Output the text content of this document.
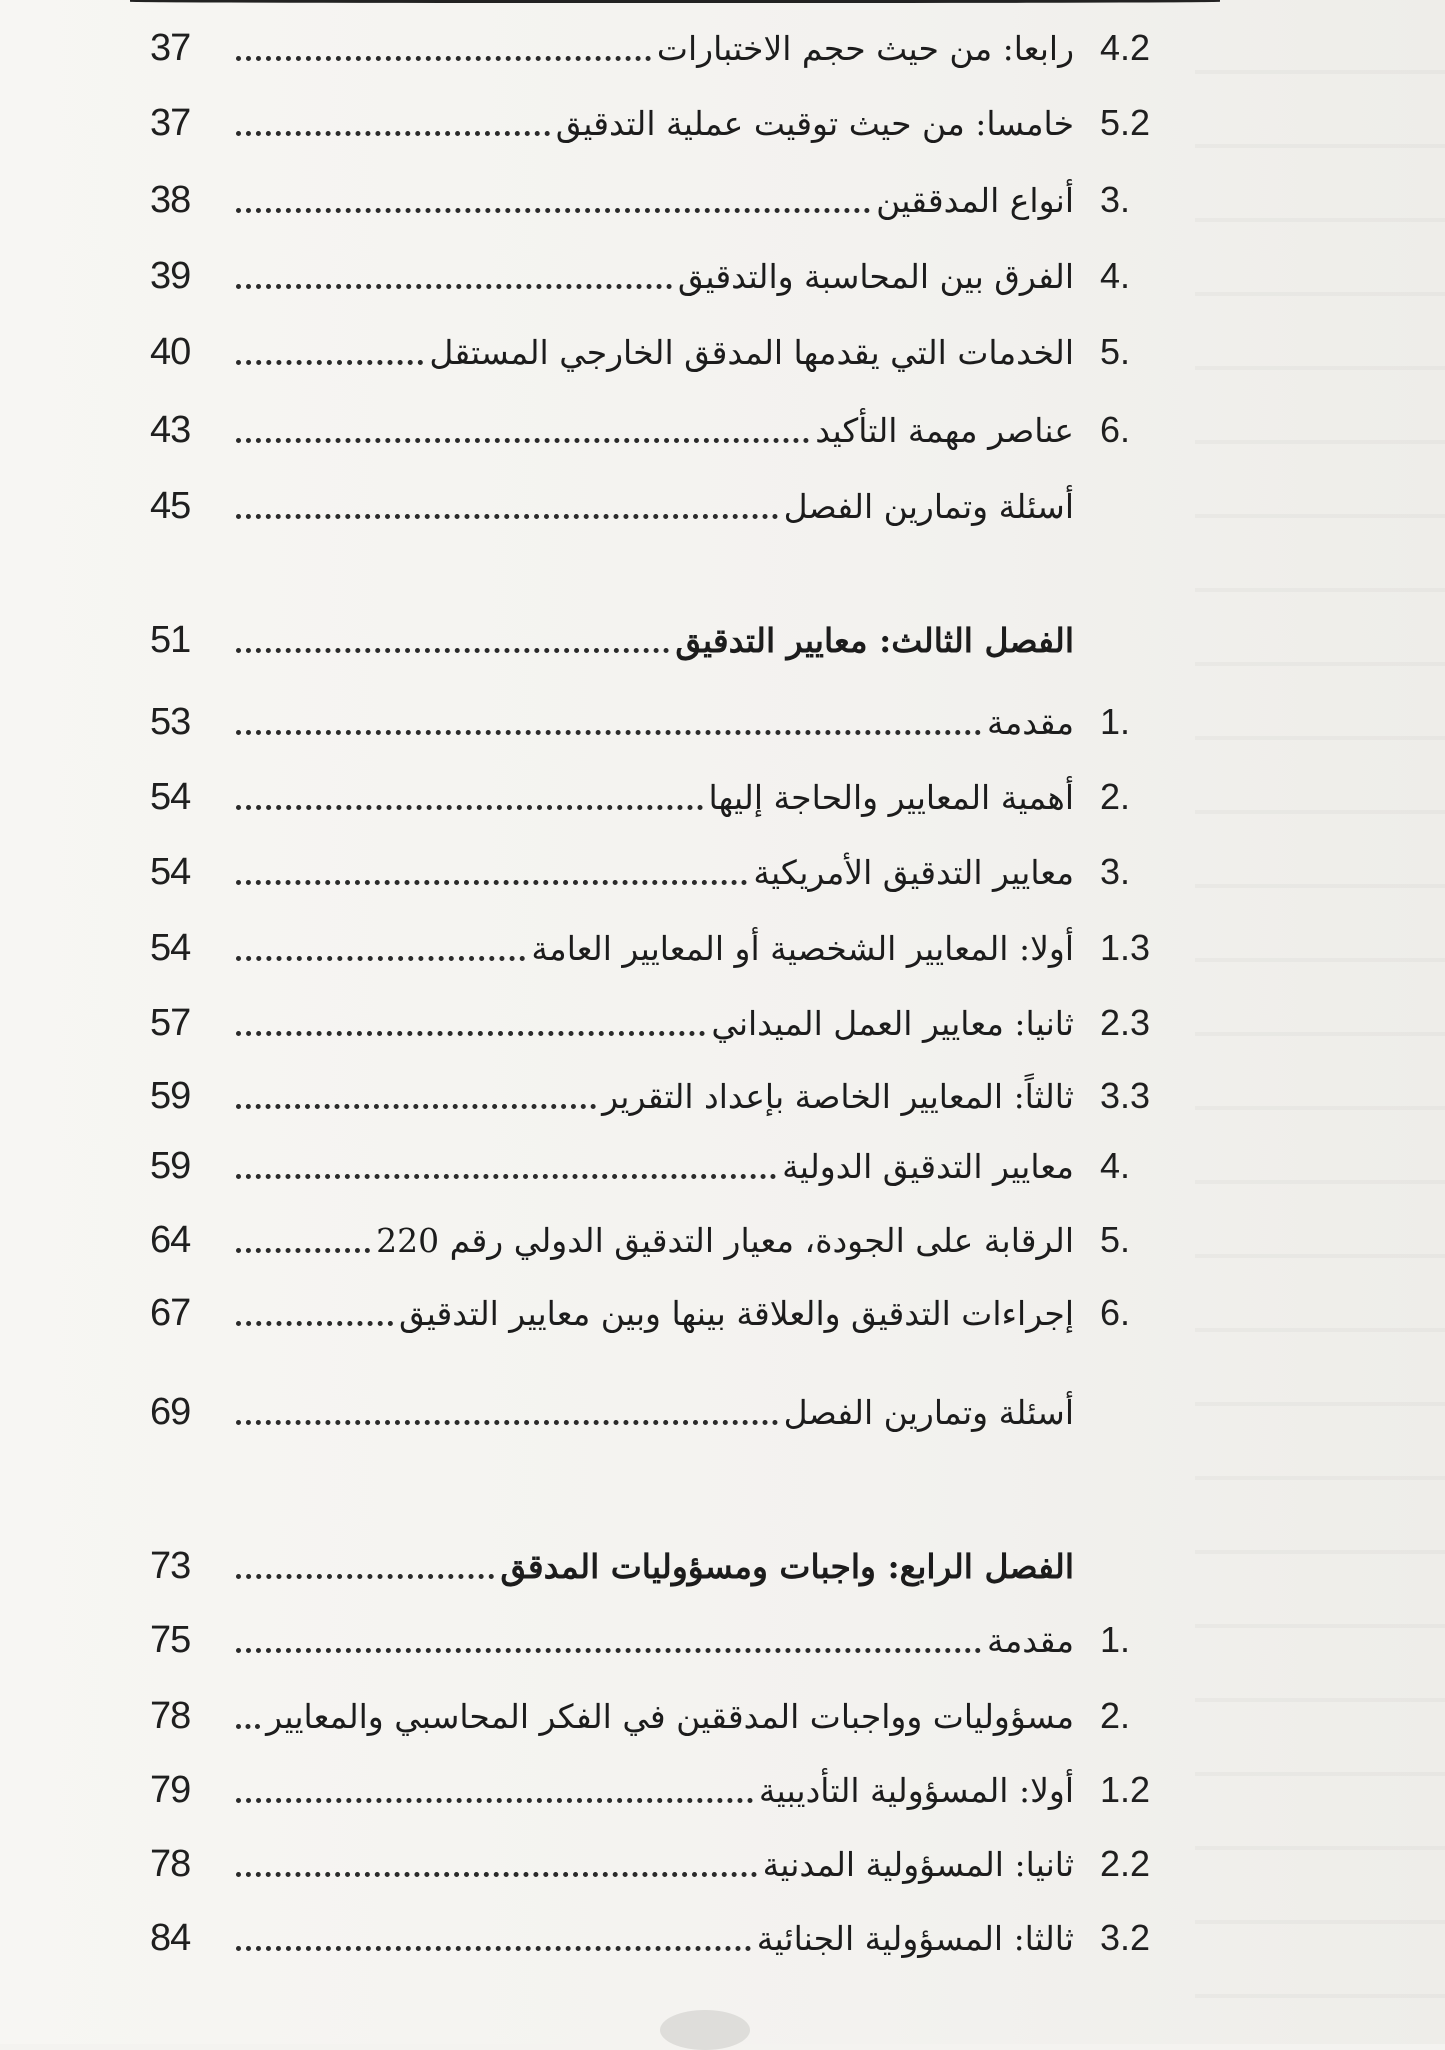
37	رابعا: من حيث حجم الاختبارات 4.2
37	خامسا: من حيث توقيت عملية التدقيق 5.2
38	أنواع المدققين 3.
39	الفرق بين المحاسبة والتدقيق 4.
40	الخدمات التي يقدمها المدقق الخارجي المستقل 5.
43	عناصر مهمة التأكيد 6.
45	أسئلة وتمارين الفصل
51	الفصل الثالث: معايير التدقيق
53	مقدمة 1.
54	أهمية المعايير والحاجة إليها 2.
54	معايير التدقيق الأمريكية 3.
54	أولا: المعايير الشخصية أو المعايير العامة 1.3
57	ثانيا: معايير العمل الميداني 2.3
59	ثالثاً: المعايير الخاصة بإعداد التقرير 3.3
59	معايير التدقيق الدولية 4.
64	الرقابة على الجودة، معيار التدقيق الدولي رقم 220 5.
67	إجراءات التدقيق والعلاقة بينها وبين معايير التدقيق 6.
69	أسئلة وتمارين الفصل
73	الفصل الرابع: واجبات ومسؤوليات المدقق
75	مقدمة 1.
78	مسؤوليات وواجبات المدققين في الفكر المحاسبي والمعايير 2.
79	أولا: المسؤولية التأديبية 1.2
78	ثانيا: المسؤولية المدنية 2.2
84	ثالثا: المسؤولية الجنائية 3.2
